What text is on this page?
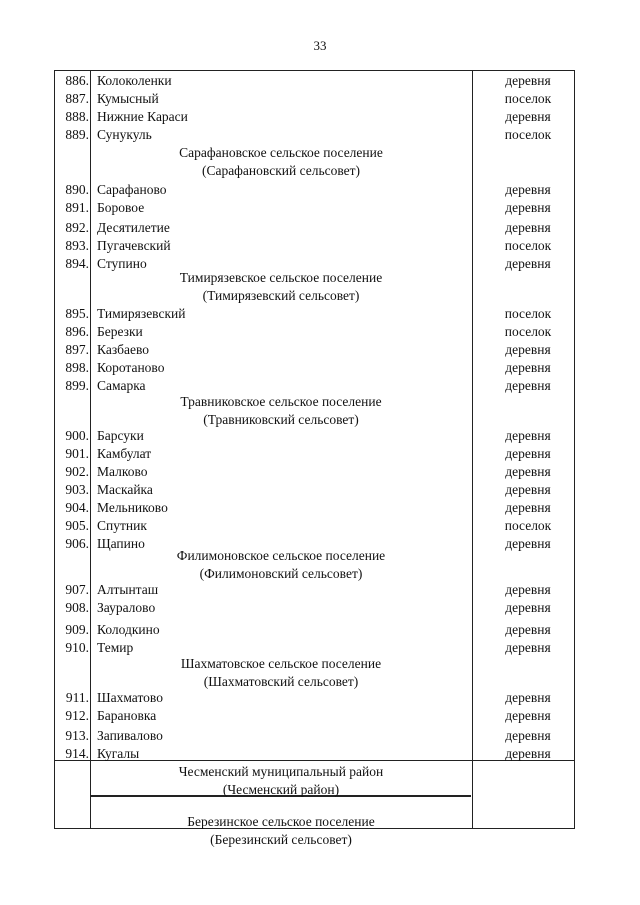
33
886. Колоколенки	деревня
887. Кумысный	поселок
888. Нижние Караси	деревня
889. Сунукуль	поселок
Сарафановское сельское поселение
(Сарафановский сельсовет)
890. Сарафаново	деревня
891. Боровое	деревня
892. Десятилетие	деревня
893. Пугачевский	поселок
894. Ступино	деревня
Тимирязевское сельское поселение
(Тимирязевский сельсовет)
895. Тимирязевский	поселок
896. Березки	поселок
897. Казбаево	деревня
898. Коротаново	деревня
899. Самарка	деревня
Травниковское сельское поселение
(Травниковский сельсовет)
900. Барсуки	деревня
901. Камбулат	деревня
902. Малково	деревня
903. Маскайка	деревня
904. Мельниково	деревня
905. Спутник	поселок
906. Щапино	деревня
Филимоновское сельское поселение
(Филимоновский сельсовет)
907. Алтынташ	деревня
908. Зауралово	деревня
909. Колодкино	деревня
910. Темир	деревня
Шахматовское сельское поселение
(Шахматовский сельсовет)
911. Шахматово	деревня
912. Барановка	деревня
913. Запивалово	деревня
914. Кугалы	деревня
Чесменский муниципальный район
(Чесменский район)
Березинское сельское поселение
(Березинский сельсовет)
